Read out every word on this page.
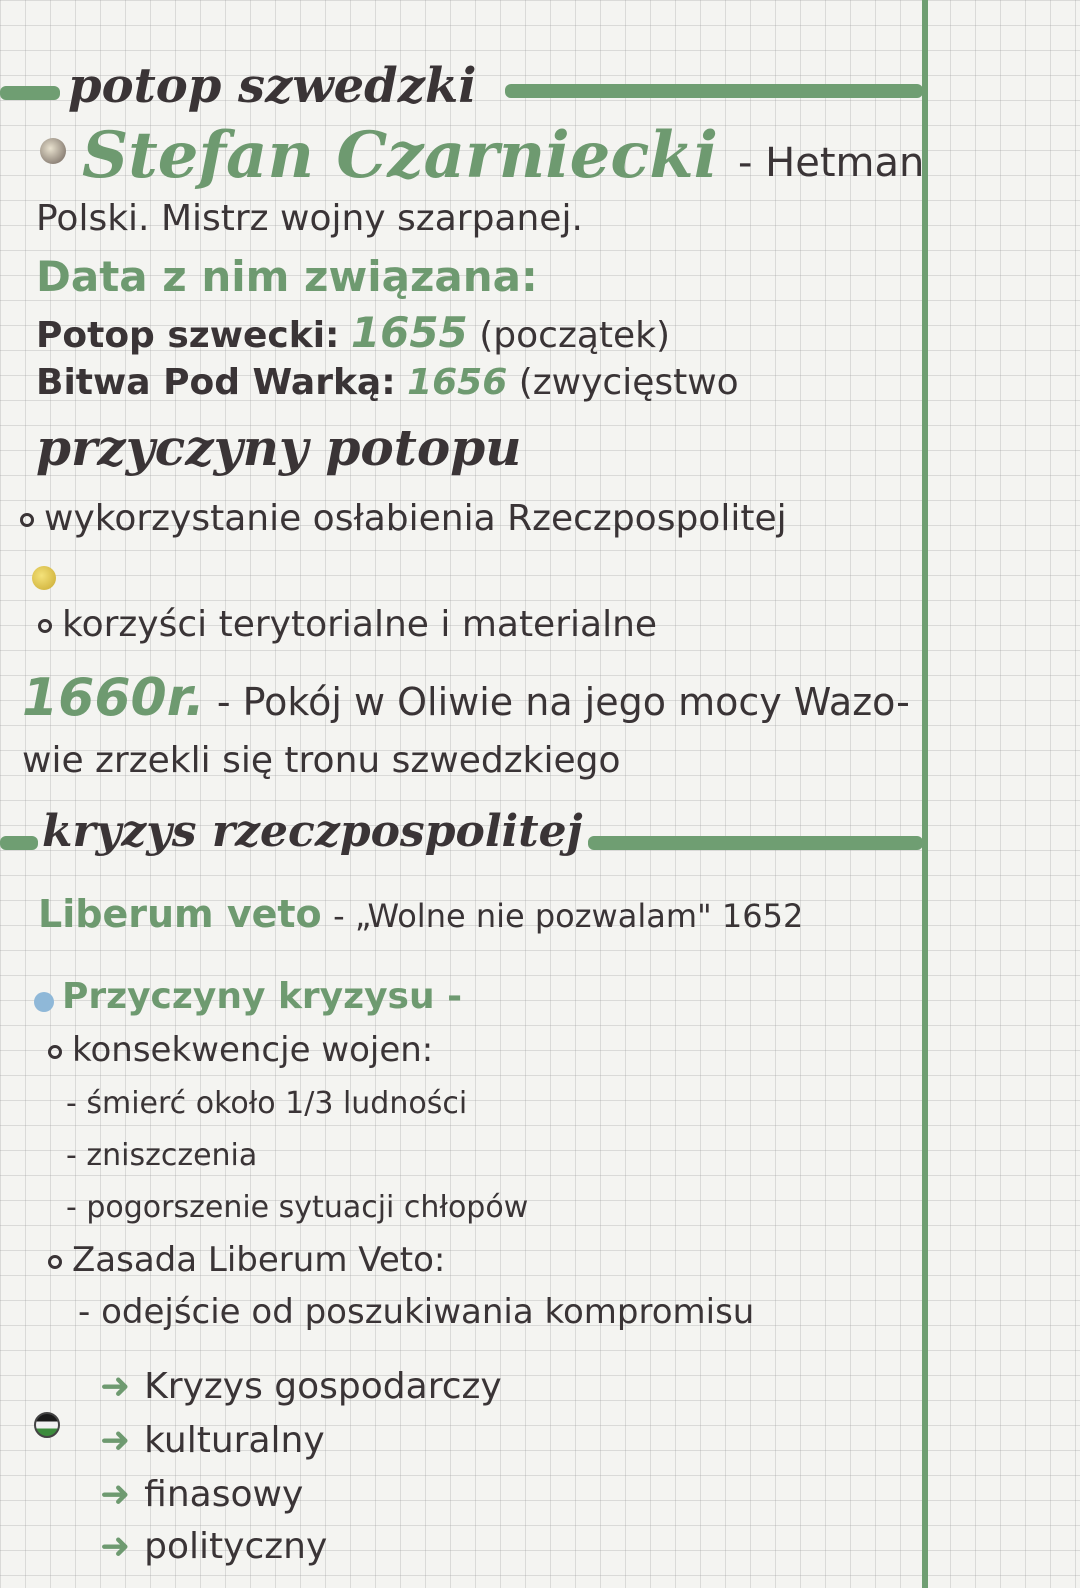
potop szwedzki
Stefan Czarniecki - Hetman
Polski. Mistrz wojny szarpanej.
Data z nim związana:
Potop szwecki: 1655 (początek)
Bitwa Pod Warką: 1656 (zwycięstwo
przyczyny potopu
wykorzystanie osłabienia Rzeczpospolitej
korzyści terytorialne i materialne
1660r. - Pokój w Oliwie na jego mocy Wazo-
wie zrzekli się tronu szwedzkiego
kryzys rzeczpospolitej
Liberum veto - „Wolne nie pozwalam" 1652
Przyczyny kryzysu -
konsekwencje wojen:
- śmierć około 1/3 ludności
- zniszczenia
- pogorszenie sytuacji chłopów
Zasada Liberum Veto:
- odejście od poszukiwania kompromisu
➜ Kryzys gospodarczy
➜ kulturalny
➜ finasowy
➜ polityczny
